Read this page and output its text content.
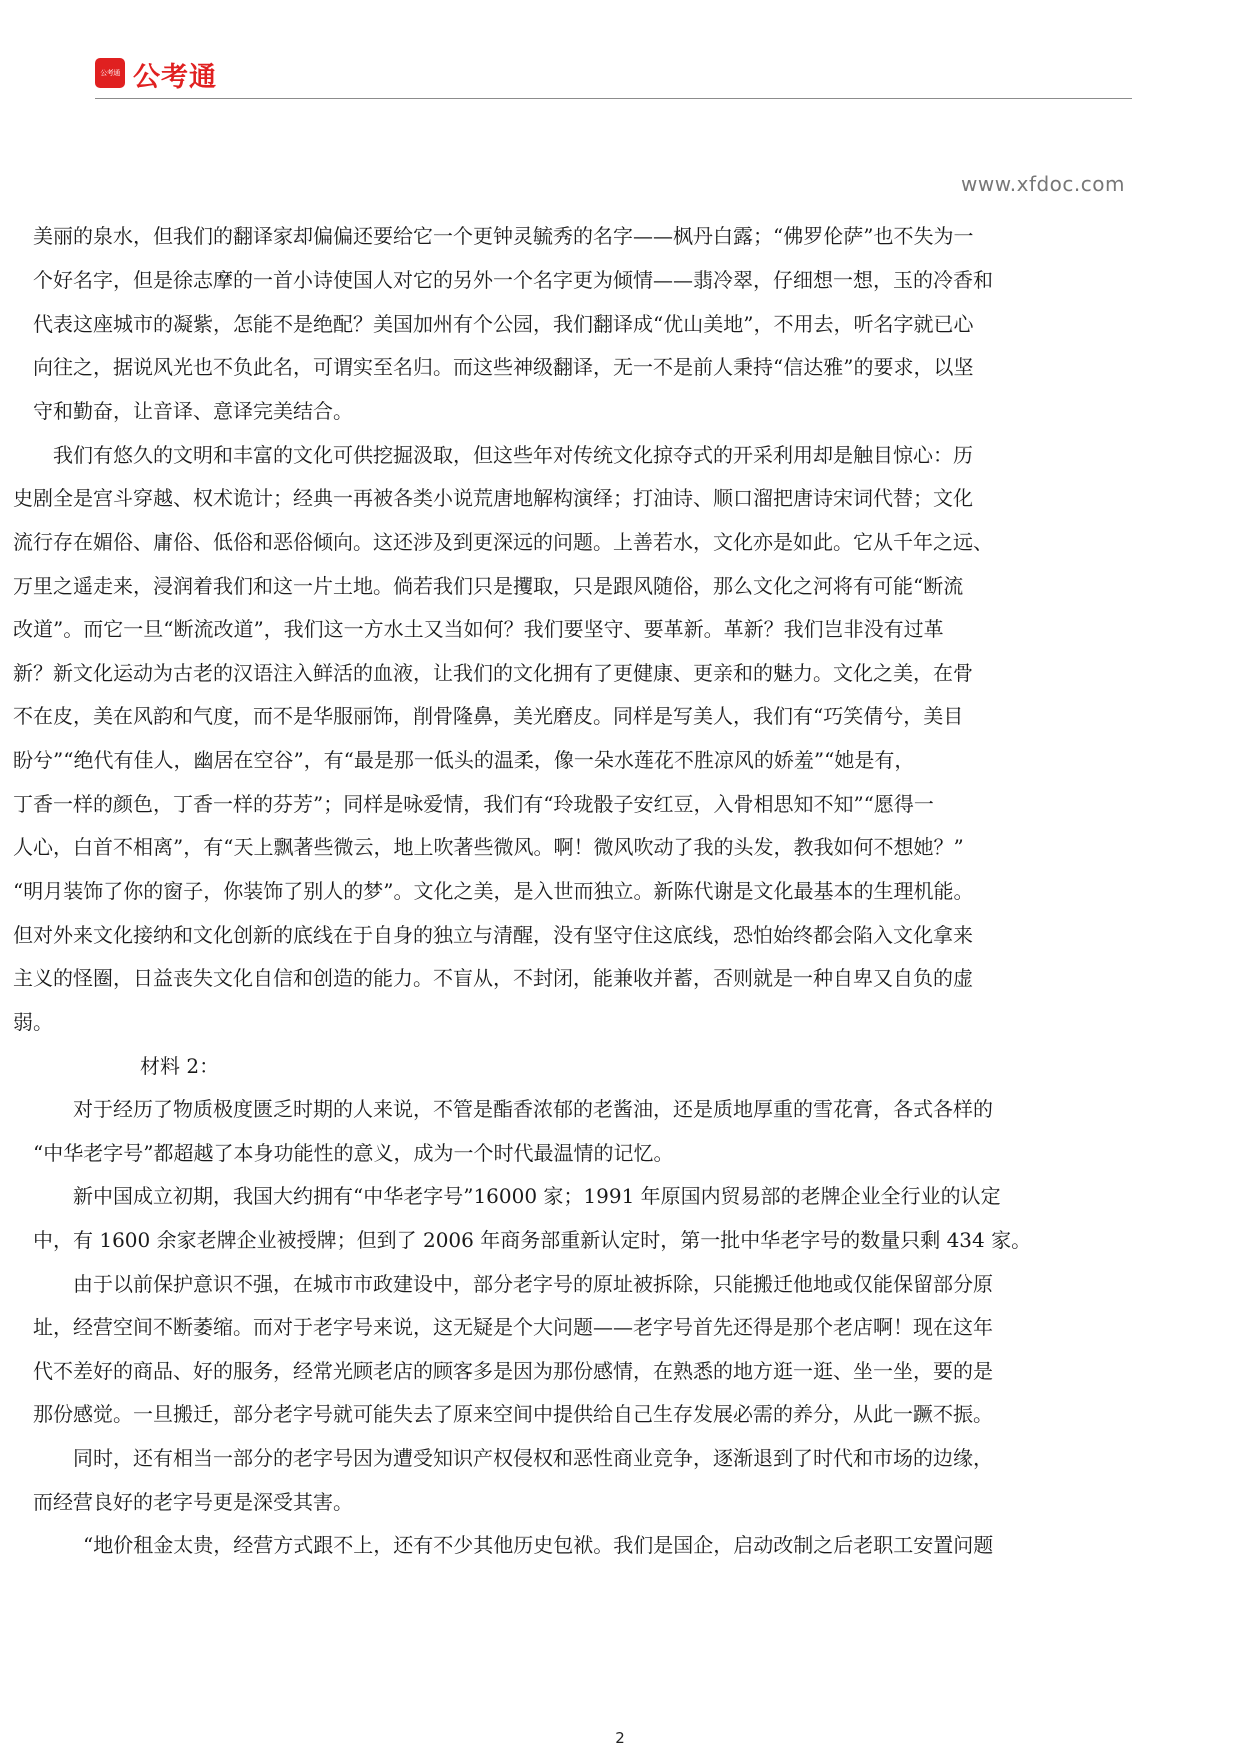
公考通 公考通
www.xfdoc.com
美丽的泉水，但我们的翻译家却偏偏还要给它一个更钟灵毓秀的名字——枫丹白露；“佛罗伦萨”也不失为一
个好名字，但是徐志摩的一首小诗使国人对它的另外一个名字更为倾情——翡冷翠，仔细想一想，玉的冷香和
代表这座城市的凝紫，怎能不是绝配？美国加州有个公园，我们翻译成“优山美地”，不用去，听名字就已心
向往之，据说风光也不负此名，可谓实至名归。而这些神级翻译，无一不是前人秉持“信达雅”的要求，以坚
守和勤奋，让音译、意译完美结合。
我们有悠久的文明和丰富的文化可供挖掘汲取，但这些年对传统文化掠夺式的开采利用却是触目惊心：历
史剧全是宫斗穿越、权术诡计；经典一再被各类小说荒唐地解构演绎；打油诗、顺口溜把唐诗宋词代替；文化
流行存在媚俗、庸俗、低俗和恶俗倾向。这还涉及到更深远的问题。上善若水，文化亦是如此。它从千年之远、
万里之遥走来，浸润着我们和这一片土地。倘若我们只是攫取，只是跟风随俗，那么文化之河将有可能“断流
改道”。而它一旦“断流改道”，我们这一方水土又当如何？我们要坚守、要革新。革新？我们岂非没有过革
新？新文化运动为古老的汉语注入鲜活的血液，让我们的文化拥有了更健康、更亲和的魅力。文化之美，在骨
不在皮，美在风韵和气度，而不是华服丽饰，削骨隆鼻，美光磨皮。同样是写美人，我们有“巧笑倩兮，美目
盼兮”“绝代有佳人，幽居在空谷”，有“最是那一低头的温柔，像一朵水莲花不胜凉风的娇羞”“她是有，
丁香一样的颜色，丁香一样的芬芳”；同样是咏爱情，我们有“玲珑骰子安红豆，入骨相思知不知”“愿得一
人心，白首不相离”，有“天上飘著些微云，地上吹著些微风。啊！微风吹动了我的头发，教我如何不想她？”
“明月装饰了你的窗子，你装饰了别人的梦”。文化之美，是入世而独立。新陈代谢是文化最基本的生理机能。
但对外来文化接纳和文化创新的底线在于自身的独立与清醒，没有坚守住这底线，恐怕始终都会陷入文化拿来
主义的怪圈，日益丧失文化自信和创造的能力。不盲从，不封闭，能兼收并蓄，否则就是一种自卑又自负的虚
弱。
材料 2：
对于经历了物质极度匮乏时期的人来说，不管是酯香浓郁的老酱油，还是质地厚重的雪花膏，各式各样的
“中华老字号”都超越了本身功能性的意义，成为一个时代最温情的记忆。
新中国成立初期，我国大约拥有“中华老字号”16000 家；1991 年原国内贸易部的老牌企业全行业的认定
中，有 1600 余家老牌企业被授牌；但到了 2006 年商务部重新认定时，第一批中华老字号的数量只剩 434 家。
由于以前保护意识不强，在城市市政建设中，部分老字号的原址被拆除，只能搬迁他地或仅能保留部分原
址，经营空间不断萎缩。而对于老字号来说，这无疑是个大问题——老字号首先还得是那个老店啊！现在这年
代不差好的商品、好的服务，经常光顾老店的顾客多是因为那份感情，在熟悉的地方逛一逛、坐一坐，要的是
那份感觉。一旦搬迁，部分老字号就可能失去了原来空间中提供给自己生存发展必需的养分，从此一蹶不振。
同时，还有相当一部分的老字号因为遭受知识产权侵权和恶性商业竞争，逐渐退到了时代和市场的边缘，
而经营良好的老字号更是深受其害。
“地价租金太贵，经营方式跟不上，还有不少其他历史包袱。我们是国企，启动改制之后老职工安置问题
2
